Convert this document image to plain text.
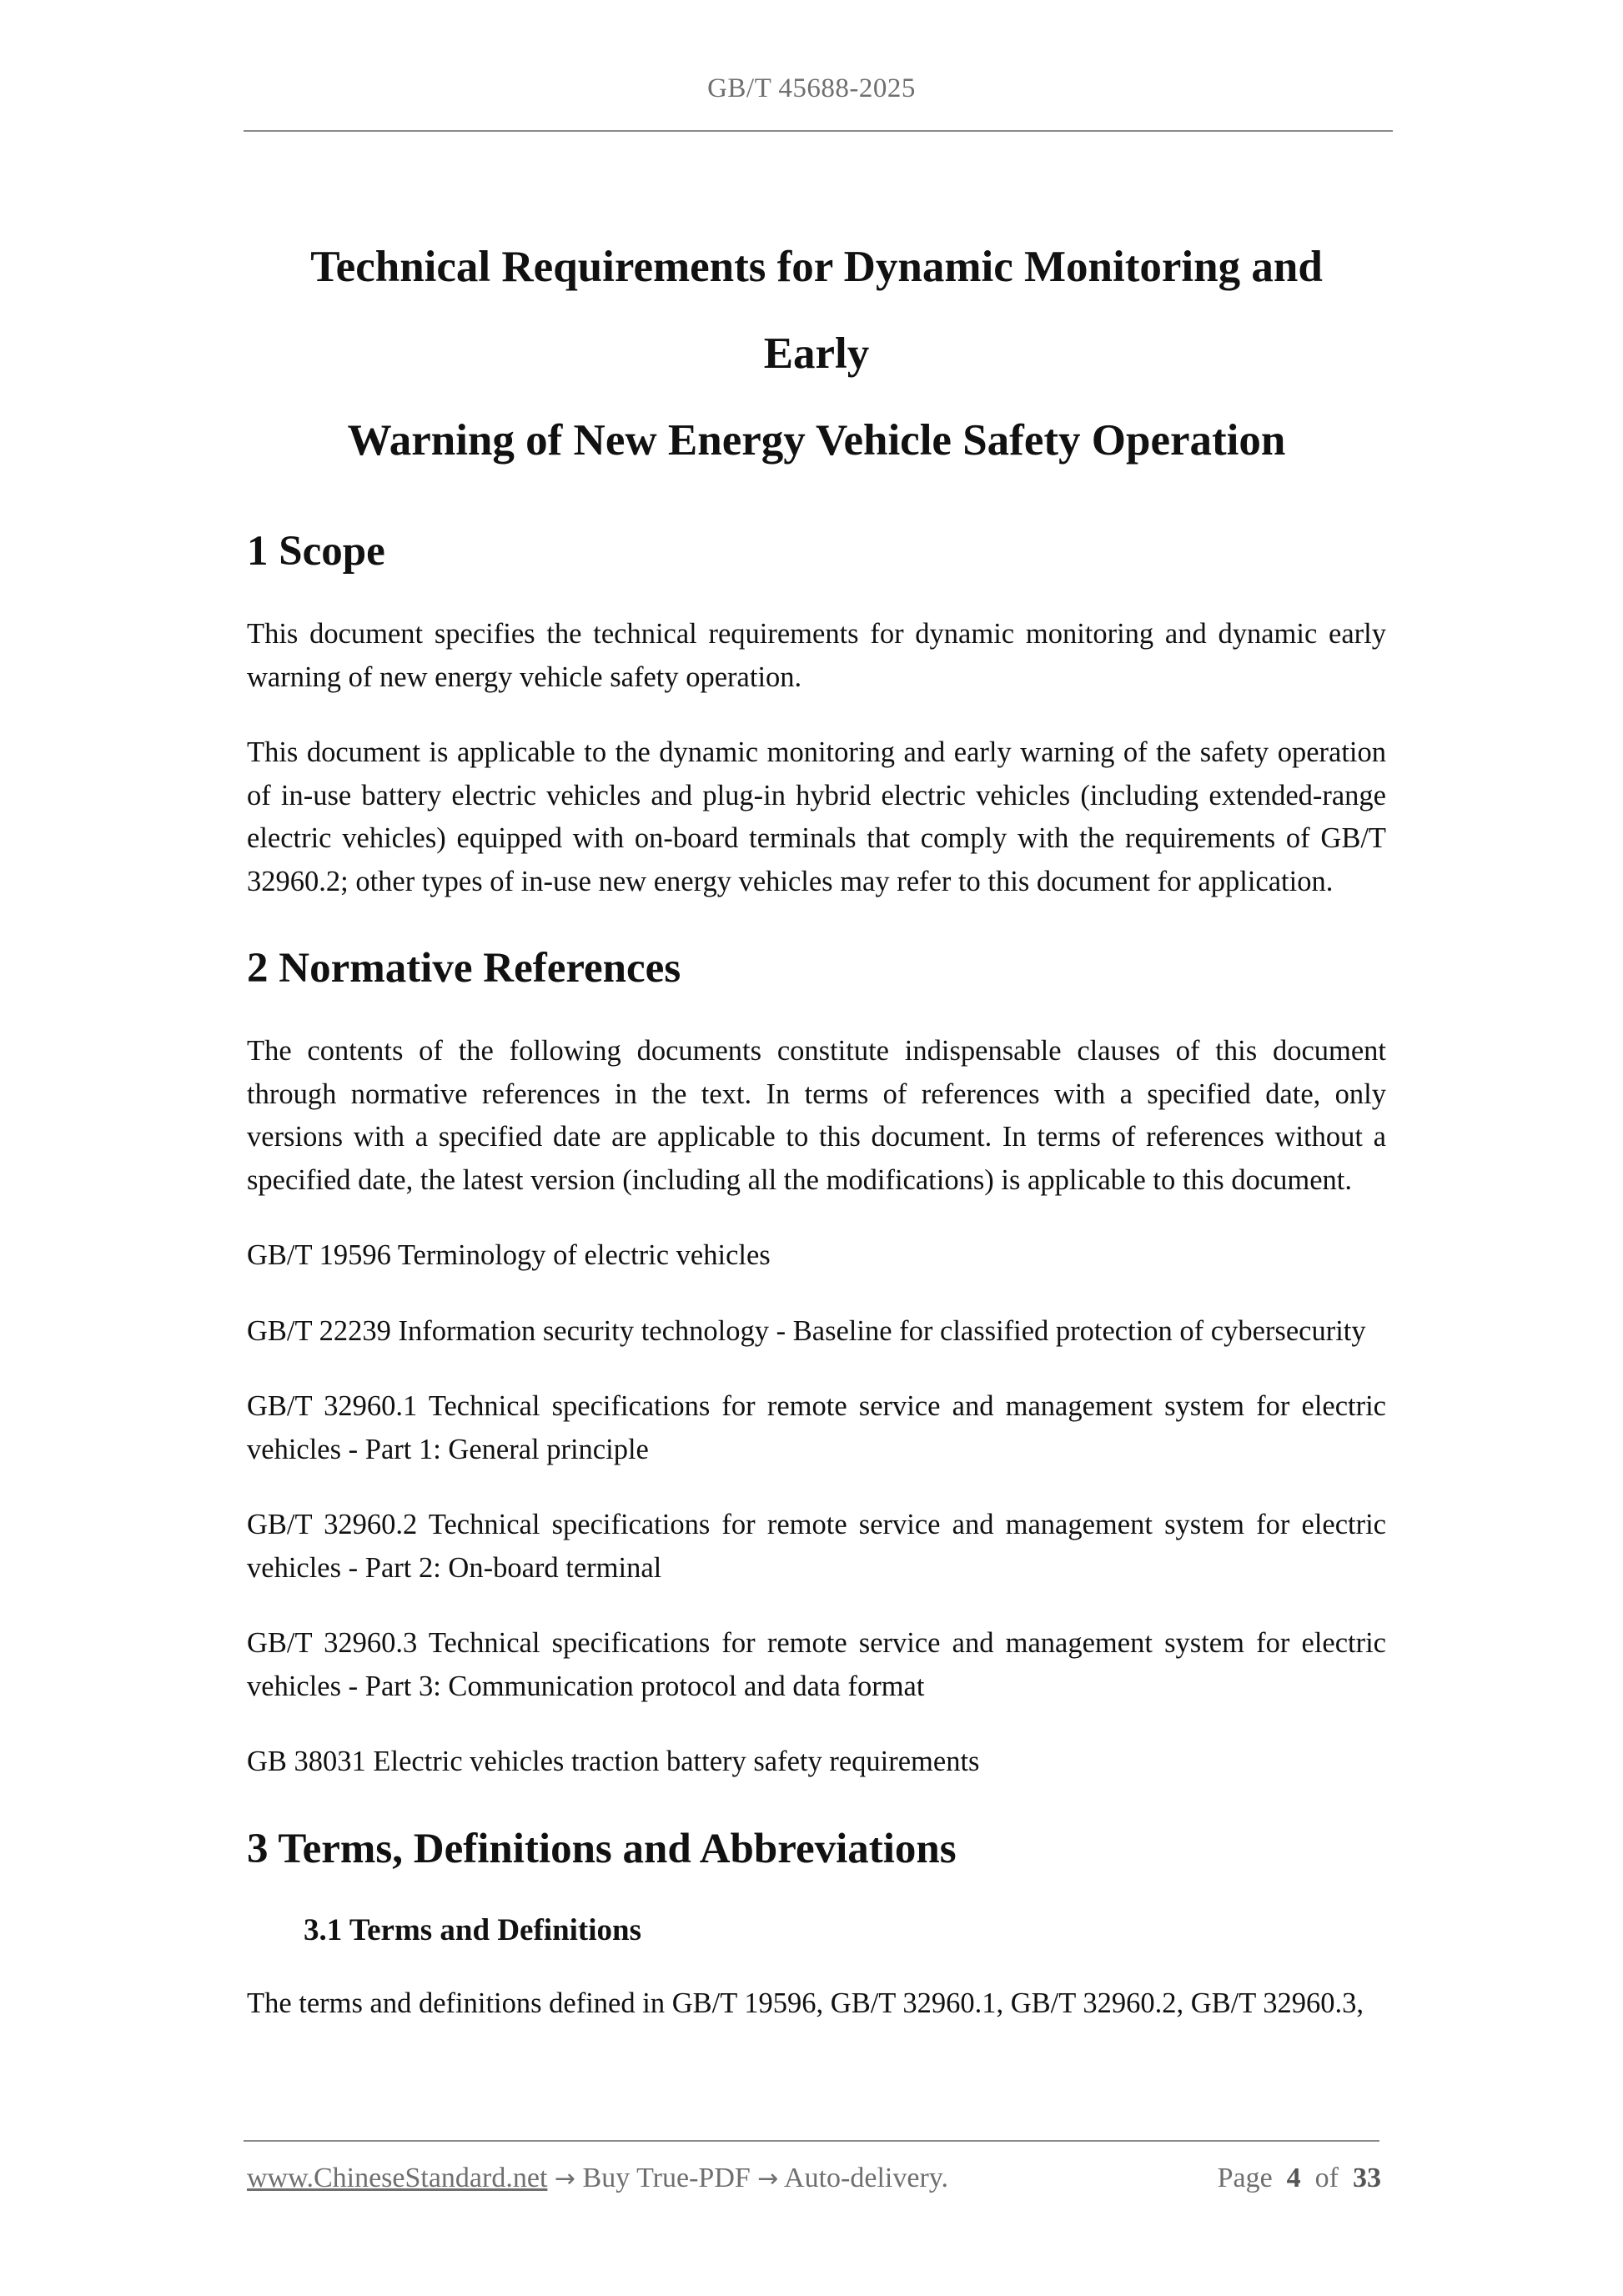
GB/T 45688-2025
Technical Requirements for Dynamic Monitoring and Early
Warning of New Energy Vehicle Safety Operation
1 Scope

This document specifies the technical requirements for dynamic monitoring and dynamic early warning of new energy vehicle safety operation.

This document is applicable to the dynamic monitoring and early warning of the safety operation of in-use battery electric vehicles and plug-in hybrid electric vehicles (including extended-range electric vehicles) equipped with on-board terminals that comply with the requirements of GB/T 32960.2; other types of in-use new energy vehicles may refer to this document for application.

2 Normative References

The contents of the following documents constitute indispensable clauses of this document through normative references in the text. In terms of references with a specified date, only versions with a specified date are applicable to this document. In terms of references without a specified date, the latest version (including all the modifications) is applicable to this document.

GB/T 19596 Terminology of electric vehicles

GB/T 22239 Information security technology - Baseline for classified protection of cybersecurity

GB/T 32960.1 Technical specifications for remote service and management system for electric vehicles - Part 1: General principle

GB/T 32960.2 Technical specifications for remote service and management system for electric vehicles - Part 2: On-board terminal

GB/T 32960.3 Technical specifications for remote service and management system for electric vehicles - Part 3: Communication protocol and data format

GB 38031 Electric vehicles traction battery safety requirements

3 Terms, Definitions and Abbreviations
3.1 Terms and Definitions

The terms and definitions defined in GB/T 19596, GB/T 32960.1, GB/T 32960.2, GB/T 32960.3,

www.ChineseStandard.net → Buy True-PDF → Auto-delivery.	Page 4 of 33
